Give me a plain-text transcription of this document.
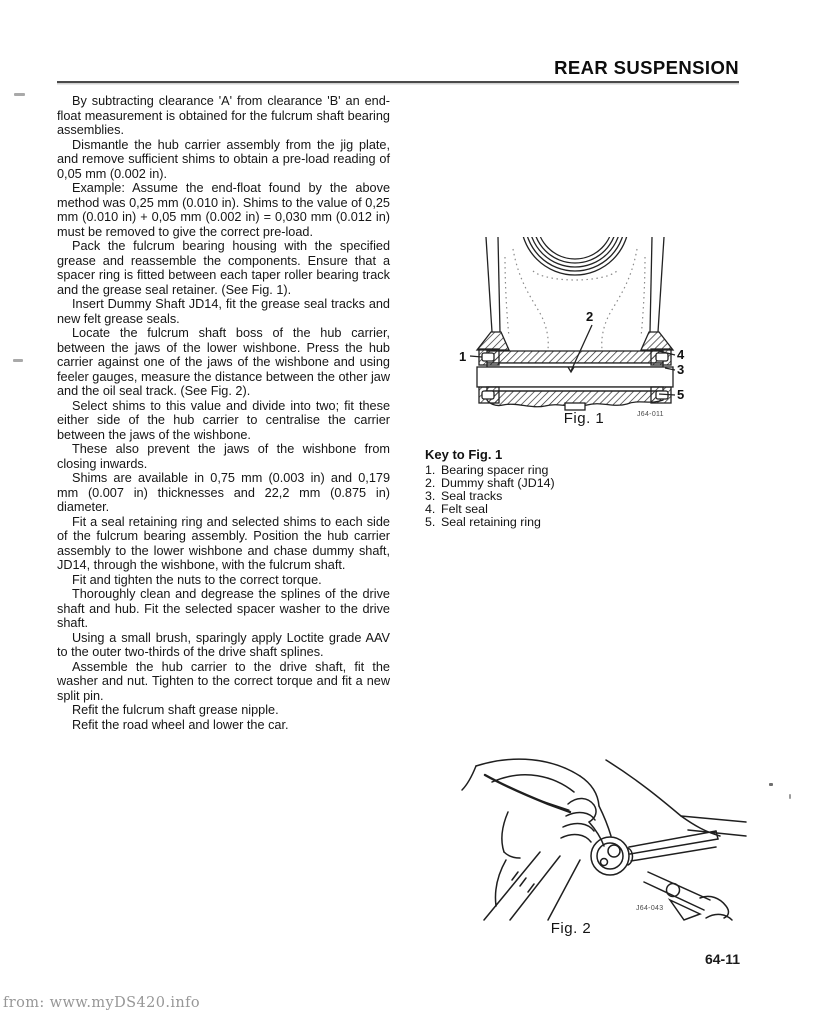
REAR SUSPENSION

By subtracting clearance 'A' from clearance 'B' an end-float measurement is obtained for the fulcrum shaft bearing assemblies.

Dismantle the hub carrier assembly from the jig plate, and remove sufficient shims to obtain a pre-load reading of 0,05 mm (0.002 in).

Example: Assume the end-float found by the above method was 0,25 mm (0.010 in). Shims to the value of 0,25 mm (0.010 in) + 0,05 mm (0.002 in) = 0,030 mm (0.012 in) must be removed to give the correct pre-load.

Pack the fulcrum bearing housing with the specified grease and reassemble the components. Ensure that a spacer ring is fitted between each taper roller bearing track and the grease seal retainer. (See Fig. 1).

Insert Dummy Shaft JD14, fit the grease seal tracks and new felt grease seals.

Locate the fulcrum shaft boss of the hub carrier, between the jaws of the lower wishbone. Press the hub carrier against one of the jaws of the wishbone and using feeler gauges, measure the distance between the other jaw and the oil seal track. (See Fig. 2).

Select shims to this value and divide into two; fit these either side of the hub carrier to centralise the carrier between the jaws of the wishbone.

These also prevent the jaws of the wishbone from closing inwards.

Shims are available in 0,75 mm (0.003 in) and 0,179 mm (0.007 in) thicknesses and 22,2 mm (0.875 in) diameter.

Fit a seal retaining ring and selected shims to each side of the fulcrum bearing assembly. Position the hub carrier assembly to the lower wishbone and chase dummy shaft, JD14, through the wishbone, with the fulcrum shaft.

Fit and tighten the nuts to the correct torque.

Thoroughly clean and degrease the splines of the drive shaft and hub. Fit the selected spacer washer to the drive shaft.

Using a small brush, sparingly apply Loctite grade AAV to the outer two-thirds of the drive shaft splines.

Assemble the hub carrier to the drive shaft, fit the washer and nut. Tighten to the correct torque and fit a new split pin.

Refit the fulcrum shaft grease nipple.

Refit the road wheel and lower the car.

1
2
3
4
5
Fig. 1	J64-011
Key to Fig. 1
1. Bearing spacer ring
2. Dummy shaft (JD14)
3. Seal tracks
4. Felt seal
5. Seal retaining ring
Fig. 2
J64-043
64-11
from: www.myDS420.info
